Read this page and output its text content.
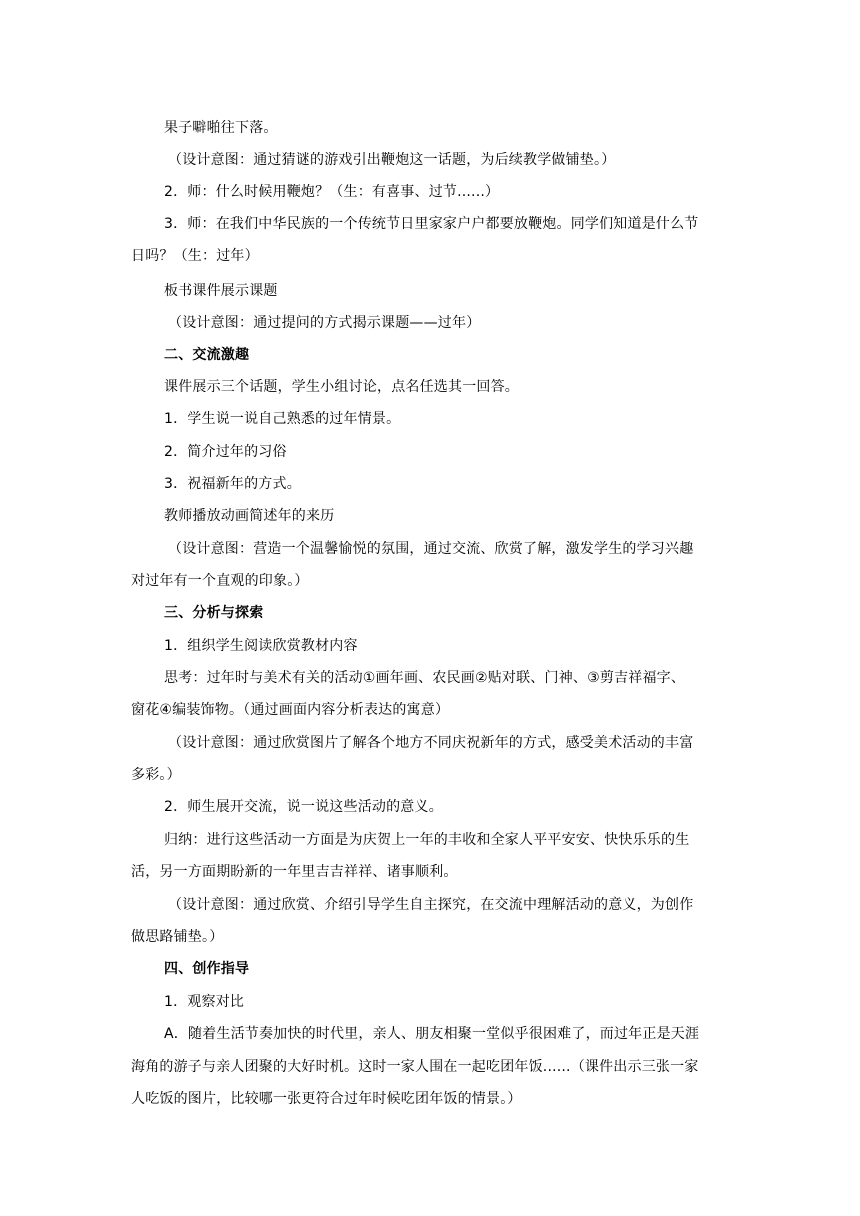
果子噼啪往下落。
（设计意图：通过猜谜的游戏引出鞭炮这一话题，为后续教学做铺垫。）
2．师：什么时候用鞭炮？（生：有喜事、过节......）
3．师：在我们中华民族的一个传统节日里家家户户都要放鞭炮。同学们知道是什么节
日吗？（生：过年）
板书课件展示课题
（设计意图：通过提问的方式揭示课题——过年）
二、交流激趣
课件展示三个话题，学生小组讨论，点名任选其一回答。
1．学生说一说自己熟悉的过年情景。
2．简介过年的习俗
3．祝福新年的方式。
教师播放动画简述年的来历
（设计意图：营造一个温馨愉悦的氛围，通过交流、欣赏了解，激发学生的学习兴趣
对过年有一个直观的印象。）
三、分析与探索
1．组织学生阅读欣赏教材内容
思考：过年时与美术有关的活动①画年画、农民画②贴对联、门神、③剪吉祥福字、
窗花④编装饰物。（通过画面内容分析表达的寓意）
（设计意图：通过欣赏图片了解各个地方不同庆祝新年的方式，感受美术活动的丰富
多彩。）
2．师生展开交流，说一说这些活动的意义。
归纳：进行这些活动一方面是为庆贺上一年的丰收和全家人平平安安、快快乐乐的生
活，另一方面期盼新的一年里吉吉祥祥、诸事顺利。
（设计意图：通过欣赏、介绍引导学生自主探究，在交流中理解活动的意义，为创作
做思路铺垫。）
四、创作指导
1．观察对比
A．随着生活节奏加快的时代里，亲人、朋友相聚一堂似乎很困难了，而过年正是天涯
海角的游子与亲人团聚的大好时机。这时一家人围在一起吃团年饭......（课件出示三张一家
人吃饭的图片，比较哪一张更符合过年时候吃团年饭的情景。）
